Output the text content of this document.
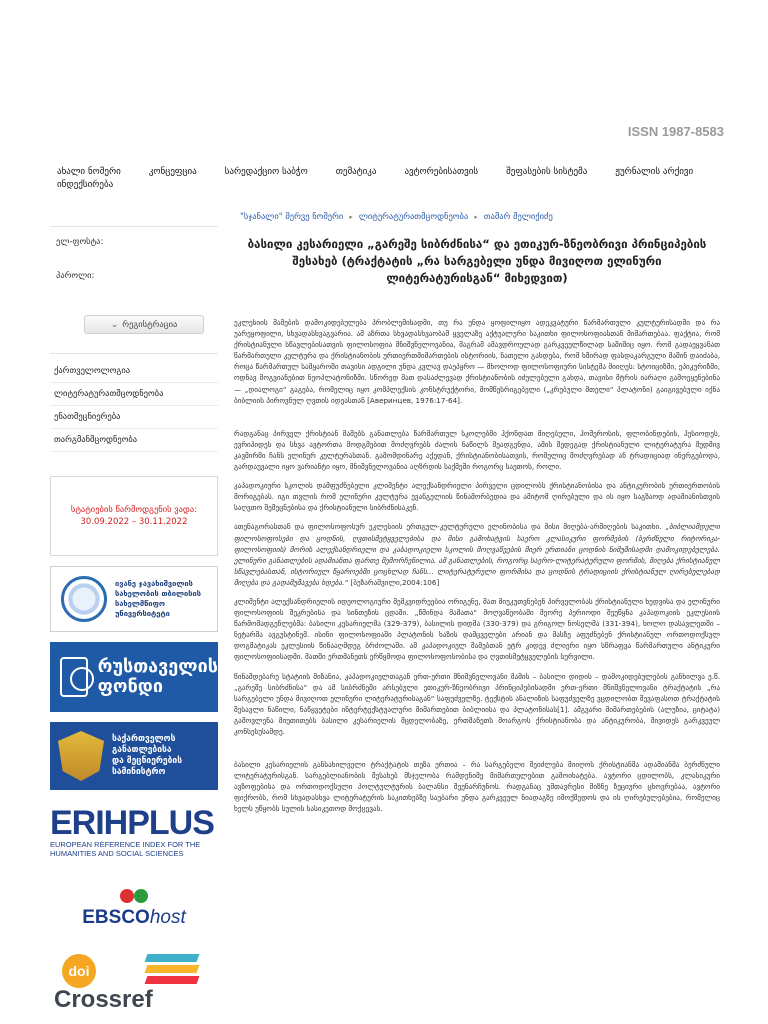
ISSN 1987-8583
ახალი ნომერი	კონცეფცია	სარედაქციო საბჭო	თემატიკა	ავტორებისათვის	შეფასების სისტემა	ჟურნალის არქივი
ინდექსირება
"სჯანალი" მერვე ნომერი ▸ ლიტერატურათმცოდნეობა ▸ თამარ მელიქიძე
ელ-ფოსტა:
პაროლი:
⌄ რეგისტრაცია
ქართველოლოგია
ლიტერატურათმცოდნეობა
ენათმეცნიერება
თარგმანმცოდნეობა
სტატიების წარმოდგენის ვადა:
30.09.2022 – 30.11.2022
ივანე ჯავახიშვილის
სახელობის თბილისის
სახელმწიფო
უნივერსიტეტი
რუსთაველის
ფონდი
საქართველოს
განათლებისა
და მეცნიერების
სამინისტრო
ERIHPLUS
EUROPEAN REFERENCE INDEX FOR THE
HUMANITIES AND SOCIAL SCIENCES
EBSCOhost
doi
Crossref
ბასილი კესარიელი „გარეშე სიბრძნისა“ და ეთიკურ-ზნეობრივი პრინციპების შესახებ (ტრაქტატის „რა სარგებელი უნდა მივიღოთ ელინური ლიტერატურისგან“ მიხედვით)

ეკლესიის მამების დამოკიდებულება პრობლემისადმი, თუ რა უნდა ყოფილიყო ადეკვატური წარმართული კულტურისადმი და რა უარეყოფილი, სხვადასხვაგვარია. ამ აზრთა სხვადასხვაობამ ყველაზე აქტუალური საკითხი ფილოსოფიასთან მიმართებაა. ფაქტია, რომ ქრისტიანული სწავლებისათვის ფილოსოფია მნიშვნელოვანია, მაგრამ ამავდროულად გარკვეულწილად საშიშიც იყო. რომ გადაეყვანათ წარმართული კულტურა და ქრისტიანობის ურთიერთმიმართების ისტორიის, ნათელი გახდება, რომ ხშირად ფასდაკარგული მაშინ დაიძაბა, როცა წარმართულ სამყაროში თავისი ადგილი უნდა კვლავ დაეპყრო — მხოლოდ ფილოსოფიური სისტემა მიიღეს: სტოიციზმი, ეპიკურიზმი, ოდნავ მოგვიანებით ნეოპლატონიზმი. სწორედ მათ დასაძლევად ქრისტიანობის იძულებული გახდა, თავისი მტრის იარაღი გამოეყენებინა — „დიალოგი“ გაგება, რომელიც იყო კომპლექსის კონსტრუქტორი, მომწესრიგებელი („კრებული მთელი“ პლატონი) გაიგივებული იქნა ბიბლიის პიროვნულ ღვთის იდეასთან [Аверинцев, 1976:17-64].

რადგანაც პირველ ქრისტიან მამებს განათლება წარმართულ სკოლებში ჰქონდათ მიღებული, ჰომეროსის, ფლობინდების, ჰესიოდეს, ევრიპიდეს და სხვა ავტორთა მოდგმებით მოძღვრებს ძალის ნაწილს შეადგენდა, ამის შედეგად ქრისტიანული ლიტერატურა მუდმივ კავშირში ჩანს ელინურ კულტურასთან. გამომდინარე აქედან, ქრისტიანობისათვის, რომელიც მოძღვრებად ან ტრადიციად ინერგებოდა, გარდაუვალი იყო ვარიანტი იყო, მნიშვნელოვანია აღზრდის საქმეში როგორც საეთოს, როლი.

კაპადოკიური სკოლის დამფუძნებელი კლიმენტი ალექსანდრიელი პირველი ცდილობს ქრისტიანობისა და ანტიკურობის ურთიერთობის მორიგებას. იგი თვლის რომ ელინური კულტურა ევანგელიის წინამორბედია და ამიტომ ღირებული და ის იყო საგზაოდ ადამიანისთვის საღვთო შემეცნებისა და ქრისტიანული სიბრძნისაკენ.

ათენაგორასთან და ფილოსოფოსურ ეკლესიის ერთგულ-კულტურული ელინობისა და მისი მიღება-არმიღების საკითხი. „ბიბლიამდელი ფილოსოფოსები და ცოდნის, ღვთისმეტყველებისა და მისი გამოხატვის საერო კლასიკური ფორმების (ბერძნული რიტორიკა-ფილოსოფიის) მორის ალექსანდრიელი და კაბადოკიელი სკოლის მოღვაწეების მიერ ერთიანი ცოდნის ნიმუშისადმი დამოკიდებულება. ელინური განათლების ადამიანთა ფართე შემორჩენილია. ამ განათლების, როგორც საერო-ლიტერატურული ფორმის, მიღება ქრისტიანულ სწავლებასთან, ისტორიულ წყაროებში ცოცხლად ჩანს... ლიტერატურული ფორმისა და ცოდნის ტრადიციის ქრისტიანულ ღირებულებად მიღება და გადამუშავება ხდება.“ [ბეზარაშვილი,2004:106]

კლიმენტი ალექსანდრიელის იდეოლოგიური მემკვიდრეებია ორიგენე, მათ მიუკუთვნებენ პირველობას ქრისტიანული ხედვისა და ელინური ფილოსოფიის შეკრებისა და სინთეზის ცდაში. „წმინდა მამათა“ მოღვაწეობაში მეორე პერიოდი შეუწყნა კაპადოკიის ეკლესიის წარმომადგენლებმა: ბასილი კესარიელმა (329-379), ბასილის დიდმა (330-379) და გრიგოლ ნოსელმა (331-394), ხოლო დასავლეთში – ნეტარმა ავგუსტინემ. ისინი ფილოსოფიაში პლატონის ხაზის დამცველები არიან და მასზე აფუძნებენ ქრისტიანულ ორთოდოქსულ დოგმატიკას ეკლესიის წინააღმდეგ ბრძოლაში. ამ კაპადოკიელ მამებთან ეტრ კიდევ ძლიერი იყო სწრაფვა წარმართული ანტიკური ფილოსოფიისადმი. მათში ერთმანეთს ერწყმოდა ფილოსოფოსობისა და ღვთისმეტყველების სურვილი.

წინამდებარე სტატიის მიზანია, კაპადოკიელთაგან ერთ-ერთი მნიშვნელოვანი მამის – ბასილი დიდის – დამოკიდებულების განხილვა ე.წ. „გარეშე სიბრძნისა“ და ამ სიბრძნეში არსებული ეთიკურ-ზნეობრივი პრინციპებისადმი ერთ-ერთი მნიშვნელოვანი ტრაქტატის „რა სარგებელი უნდა მივიღოთ ელინური ლიტერატურისაგან“ საფუძველზე. ტექსტის ანალიზის საფუძველზე ვცდილობთ შევაფასოთ ტრაქტატის შესავლი ნაწილი, ნაწყვეტები ინტერტექსტუალური მიმართებით ბიბლიისა და პლატონისას[1]. ამგვარი მიმართებების (ალუზია, ციტატა) გამოვლენა მიუთითებს ბასილი კესარიელის მცდელობაზე, ერთმანეთს მოარგოს ქრისტიანობა და ანტიკურობა, მივიდეს გარკვეულ კონსესუსამდე.

ბასილი კესარიელის განსახილველი ტრაქტატის თეზა ერთია – რა სარგებელი შეიძლება მიიღოს ქრისტიანმა ადამიანმა ბერძნული ლიტერატურისგან. სარგებლიანობის შესახებ მსჯელობა რამდენიმე მიმართულებით გამოიხატება. ავტორი ცდილობს, კლასიკური ავზოფებისა და ორთოდოქსული პოლტულტურის ბალანსი შეუნარჩუნოს. რადგანაც უმთავრესი მიზნე ზეციური ცხოვრებაა, ავტორი ფიქრობს, რომ სხვადასხვა ლიტერატურის საკითხებზე საუბარი უნდა გარკვეულ ნიადაგზე იმოქმედოს და ის ღირებულებებია, რომელიც ხელს უწყობს სულის სასიკეთოდ მოქცევას.
